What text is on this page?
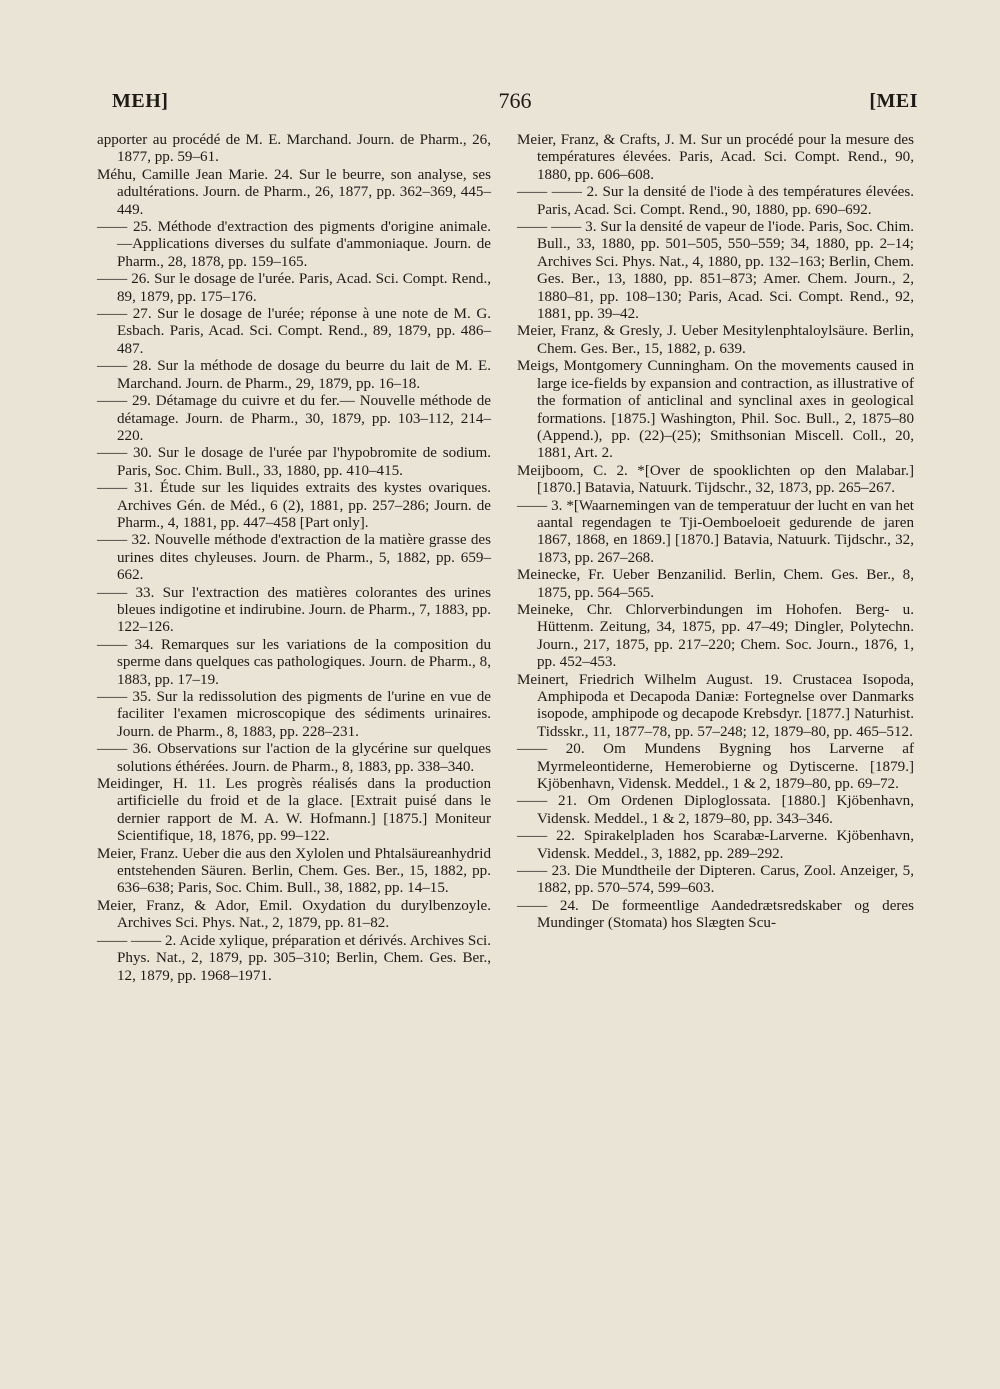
MEH]	766	[MEI

apporter au procédé de M. E. Marchand. Journ. de Pharm., 26, 1877, pp. 59–61.

Méhu, Camille Jean Marie. 24. Sur le beurre, son analyse, ses adultérations. Journ. de Pharm., 26, 1877, pp. 362–369, 445–449.

—— 25. Méthode d'extraction des pigments d'origine animale.—Applications diverses du sulfate d'ammoniaque. Journ. de Pharm., 28, 1878, pp. 159–165.

—— 26. Sur le dosage de l'urée. Paris, Acad. Sci. Compt. Rend., 89, 1879, pp. 175–176.

—— 27. Sur le dosage de l'urée; réponse à une note de M. G. Esbach. Paris, Acad. Sci. Compt. Rend., 89, 1879, pp. 486–487.

—— 28. Sur la méthode de dosage du beurre du lait de M. E. Marchand. Journ. de Pharm., 29, 1879, pp. 16–18.

—— 29. Détamage du cuivre et du fer.— Nouvelle méthode de détamage. Journ. de Pharm., 30, 1879, pp. 103–112, 214–220.

—— 30. Sur le dosage de l'urée par l'hypobromite de sodium. Paris, Soc. Chim. Bull., 33, 1880, pp. 410–415.

—— 31. Étude sur les liquides extraits des kystes ovariques. Archives Gén. de Méd., 6 (2), 1881, pp. 257–286; Journ. de Pharm., 4, 1881, pp. 447–458 [Part only].

—— 32. Nouvelle méthode d'extraction de la matière grasse des urines dites chyleuses. Journ. de Pharm., 5, 1882, pp. 659–662.

—— 33. Sur l'extraction des matières colorantes des urines bleues indigotine et indirubine. Journ. de Pharm., 7, 1883, pp. 122–126.

—— 34. Remarques sur les variations de la composition du sperme dans quelques cas pathologiques. Journ. de Pharm., 8, 1883, pp. 17–19.

—— 35. Sur la redissolution des pigments de l'urine en vue de faciliter l'examen microscopique des sédiments urinaires. Journ. de Pharm., 8, 1883, pp. 228–231.

—— 36. Observations sur l'action de la glycérine sur quelques solutions éthérées. Journ. de Pharm., 8, 1883, pp. 338–340.

Meidinger, H. 11. Les progrès réalisés dans la production artificielle du froid et de la glace. [Extrait puisé dans le dernier rapport de M. A. W. Hofmann.] [1875.] Moniteur Scientifique, 18, 1876, pp. 99–122.

Meier, Franz. Ueber die aus den Xylolen und Phtalsäureanhydrid entstehenden Säuren. Berlin, Chem. Ges. Ber., 15, 1882, pp. 636–638; Paris, Soc. Chim. Bull., 38, 1882, pp. 14–15.

Meier, Franz, & Ador, Emil. Oxydation du durylbenzoyle. Archives Sci. Phys. Nat., 2, 1879, pp. 81–82.

—— —— 2. Acide xylique, préparation et dérivés. Archives Sci. Phys. Nat., 2, 1879, pp. 305–310; Berlin, Chem. Ges. Ber., 12, 1879, pp. 1968–1971.

Meier, Franz, & Crafts, J. M. Sur un procédé pour la mesure des températures élevées. Paris, Acad. Sci. Compt. Rend., 90, 1880, pp. 606–608.

—— —— 2. Sur la densité de l'iode à des températures élevées. Paris, Acad. Sci. Compt. Rend., 90, 1880, pp. 690–692.

—— —— 3. Sur la densité de vapeur de l'iode. Paris, Soc. Chim. Bull., 33, 1880, pp. 501–505, 550–559; 34, 1880, pp. 2–14; Archives Sci. Phys. Nat., 4, 1880, pp. 132–163; Berlin, Chem. Ges. Ber., 13, 1880, pp. 851–873; Amer. Chem. Journ., 2, 1880–81, pp. 108–130; Paris, Acad. Sci. Compt. Rend., 92, 1881, pp. 39–42.

Meier, Franz, & Gresly, J. Ueber Mesitylenphtaloylsäure. Berlin, Chem. Ges. Ber., 15, 1882, p. 639.

Meigs, Montgomery Cunningham. On the movements caused in large ice-fields by expansion and contraction, as illustrative of the formation of anticlinal and synclinal axes in geological formations. [1875.] Washington, Phil. Soc. Bull., 2, 1875–80 (Append.), pp. (22)–(25); Smithsonian Miscell. Coll., 20, 1881, Art. 2.

Meijboom, C. 2. *[Over de spooklichten op den Malabar.] [1870.] Batavia, Natuurk. Tijdschr., 32, 1873, pp. 265–267.

—— 3. *[Waarnemingen van de temperatuur der lucht en van het aantal regendagen te Tji-Oemboeloeit gedurende de jaren 1867, 1868, en 1869.] [1870.] Batavia, Natuurk. Tijdschr., 32, 1873, pp. 267–268.

Meinecke, Fr. Ueber Benzanilid. Berlin, Chem. Ges. Ber., 8, 1875, pp. 564–565.

Meineke, Chr. Chlorverbindungen im Hohofen. Berg- u. Hüttenm. Zeitung, 34, 1875, pp. 47–49; Dingler, Polytechn. Journ., 217, 1875, pp. 217–220; Chem. Soc. Journ., 1876, 1, pp. 452–453.

Meinert, Friedrich Wilhelm August. 19. Crustacea Isopoda, Amphipoda et Decapoda Daniæ: Fortegnelse over Danmarks isopode, amphipode og decapode Krebsdyr. [1877.] Naturhist. Tidsskr., 11, 1877–78, pp. 57–248; 12, 1879–80, pp. 465–512.

—— 20. Om Mundens Bygning hos Larverne af Myrmeleontiderne, Hemerobierne og Dytiscerne. [1879.] Kjöbenhavn, Vidensk. Meddel., 1 & 2, 1879–80, pp. 69–72.

—— 21. Om Ordenen Diploglossata. [1880.] Kjöbenhavn, Vidensk. Meddel., 1 & 2, 1879–80, pp. 343–346.

—— 22. Spirakelpladen hos Scarabæ-Larverne. Kjöbenhavn, Vidensk. Meddel., 3, 1882, pp. 289–292.

—— 23. Die Mundtheile der Dipteren. Carus, Zool. Anzeiger, 5, 1882, pp. 570–574, 599–603.

—— 24. De formeentlige Aandedrætsredskaber og deres Mundinger (Stomata) hos Slægten Scu-
